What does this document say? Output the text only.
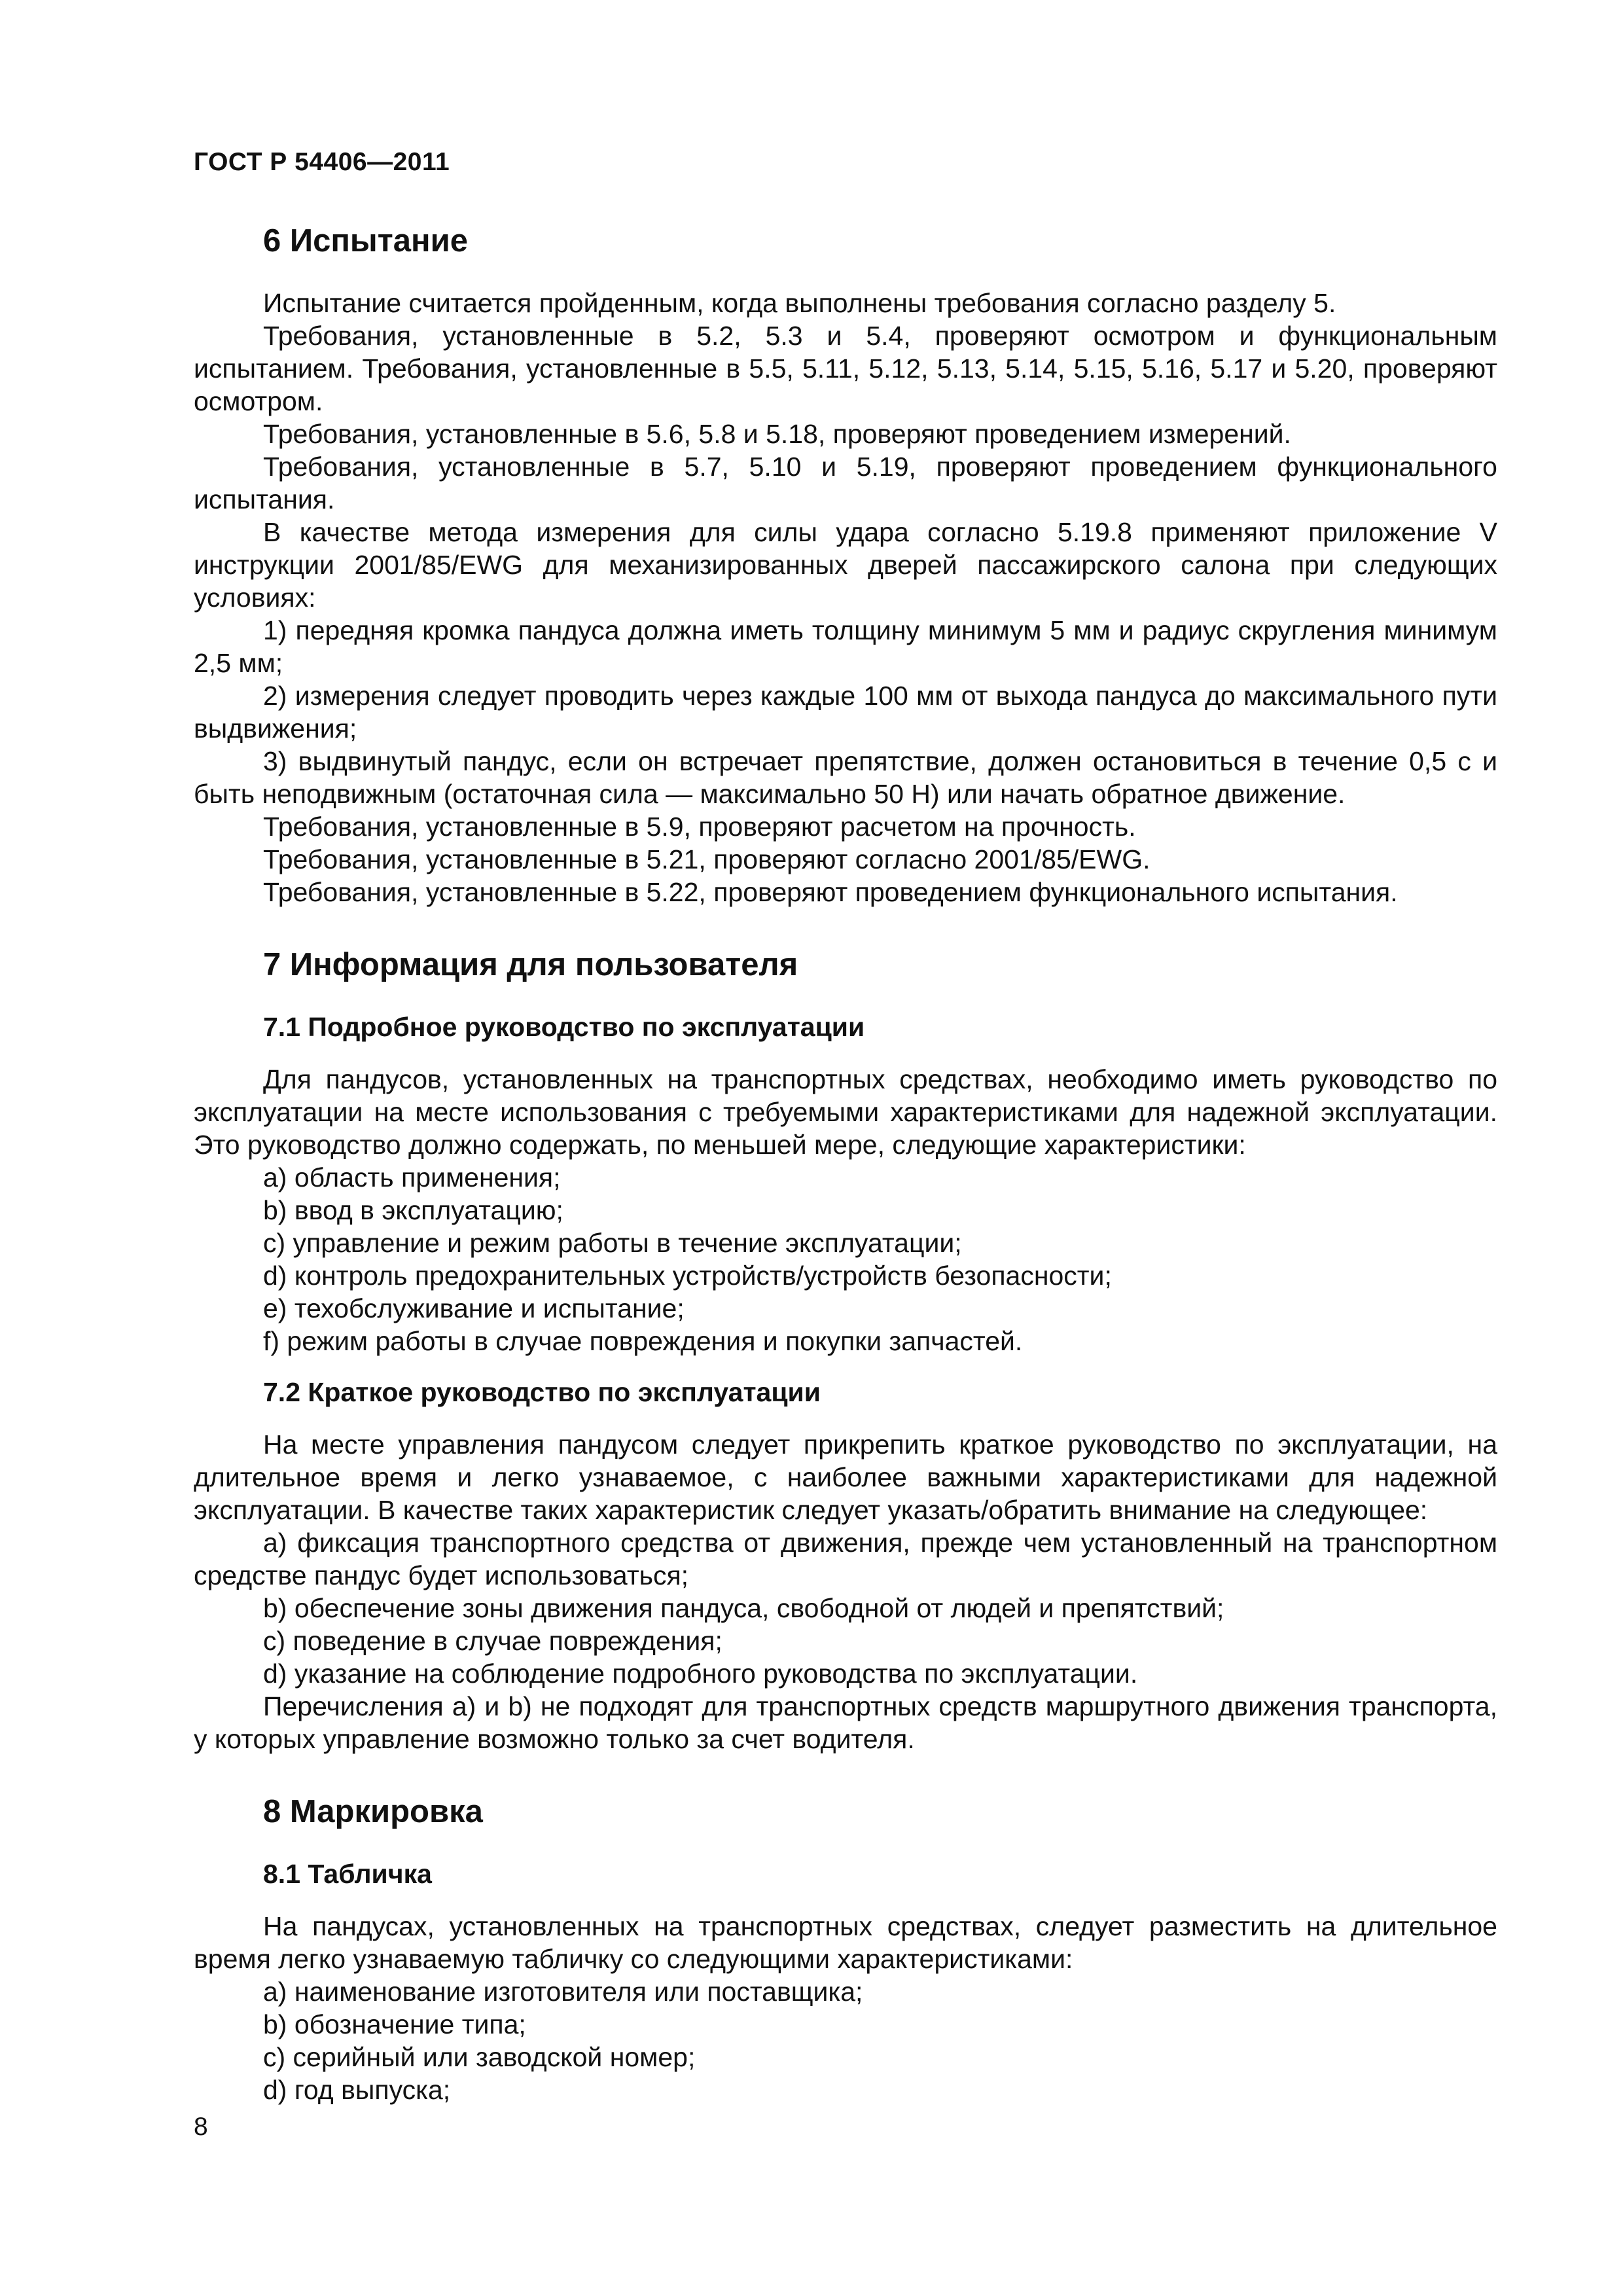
ГОСТ Р 54406—2011
6 Испытание

Испытание считается пройденным, когда выполнены требования согласно разделу 5.

Требования, установленные в 5.2, 5.3 и 5.4, проверяют осмотром и функциональным испытанием. Требования, установленные в 5.5, 5.11, 5.12, 5.13, 5.14, 5.15, 5.16, 5.17 и 5.20, проверяют осмотром.

Требования, установленные в 5.6, 5.8 и 5.18, проверяют проведением измерений.

Требования, установленные в 5.7, 5.10 и 5.19, проверяют проведением функционального испытания.

В качестве метода измерения для силы удара согласно 5.19.8 применяют приложение V инструкции 2001/85/EWG для механизированных дверей пассажирского салона при следующих условиях:

1) передняя кромка пандуса должна иметь толщину минимум 5 мм и радиус скругления минимум 2,5 мм;

2) измерения следует проводить через каждые 100 мм от выхода пандуса до максимального пути выдвижения;

3) выдвинутый пандус, если он встречает препятствие, должен остановиться в течение 0,5 с и быть неподвижным (остаточная сила — максимально 50 Н) или начать обратное движение.

Требования, установленные в 5.9, проверяют расчетом на прочность.

Требования, установленные в 5.21, проверяют согласно 2001/85/EWG.

Требования, установленные в 5.22, проверяют проведением функционального испытания.

7 Информация для пользователя
7.1 Подробное руководство по эксплуатации

Для пандусов, установленных на транспортных средствах, необходимо иметь руководство по эксплуатации на месте использования с требуемыми характеристиками для надежной эксплуатации. Это руководство должно содержать, по меньшей мере, следующие характеристики:

a) область применения;

b) ввод в эксплуатацию;

c) управление и режим работы в течение эксплуатации;

d) контроль предохранительных устройств/устройств безопасности;

e) техобслуживание и испытание;

f) режим работы в случае повреждения и покупки запчастей.

7.2 Краткое руководство по эксплуатации

На месте управления пандусом следует прикрепить краткое руководство по эксплуатации, на длительное время и легко узнаваемое, с наиболее важными характеристиками для надежной эксплуатации. В качестве таких характеристик следует указать/обратить внимание на следующее:

a) фиксация транспортного средства от движения, прежде чем установленный на транспортном средстве пандус будет использоваться;

b) обеспечение зоны движения пандуса, свободной от людей и препятствий;

c) поведение в случае повреждения;

d) указание на соблюдение подробного руководства по эксплуатации.

Перечисления a) и b) не подходят для транспортных средств маршрутного движения транспорта, у которых управление возможно только за счет водителя.

8 Маркировка
8.1 Табличка

На пандусах, установленных на транспортных средствах, следует разместить на длительное время легко узнаваемую табличку со следующими характеристиками:

a) наименование изготовителя или поставщика;

b) обозначение типа;

c) серийный или заводской номер;

d) год выпуска;

8
